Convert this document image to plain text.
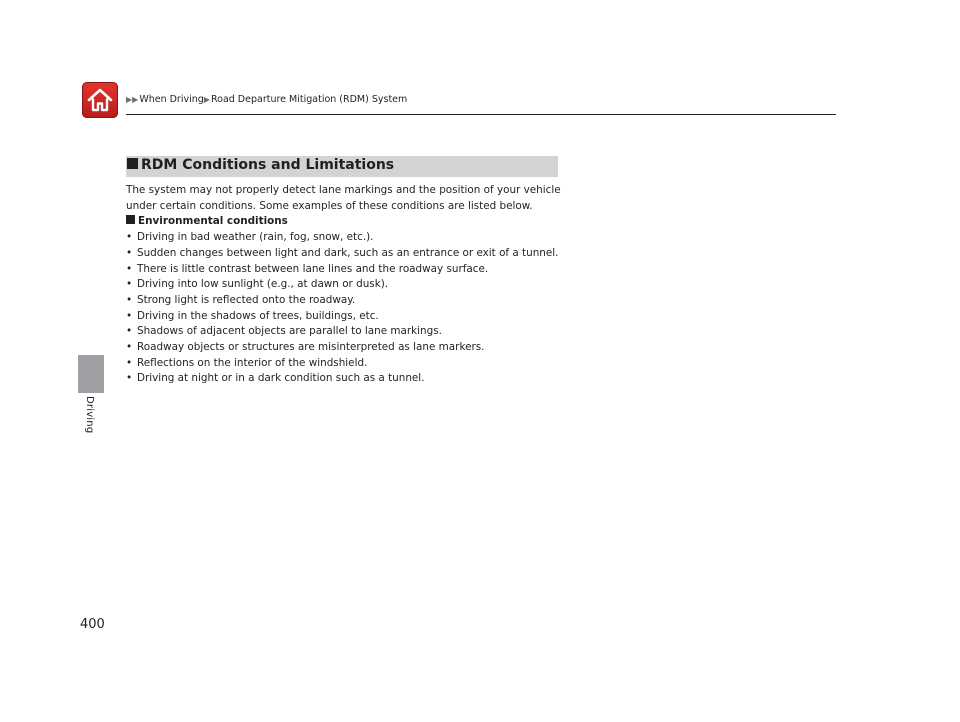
▶▶When Driving▶Road Departure Mitigation (RDM) System
Driving
400
RDM Conditions and Limitations

The system may not properly detect lane markings and the position of your vehicle

under certain conditions. Some examples of these conditions are listed below.

Environmental conditions

• Driving in bad weather (rain, fog, snow, etc.).
• Sudden changes between light and dark, such as an entrance or exit of a tunnel.
• There is little contrast between lane lines and the roadway surface.
• Driving into low sunlight (e.g., at dawn or dusk).
• Strong light is reflected onto the roadway.
• Driving in the shadows of trees, buildings, etc.
• Shadows of adjacent objects are parallel to lane markings.
• Roadway objects or structures are misinterpreted as lane markers.
• Reflections on the interior of the windshield.
• Driving at night or in a dark condition such as a tunnel.
